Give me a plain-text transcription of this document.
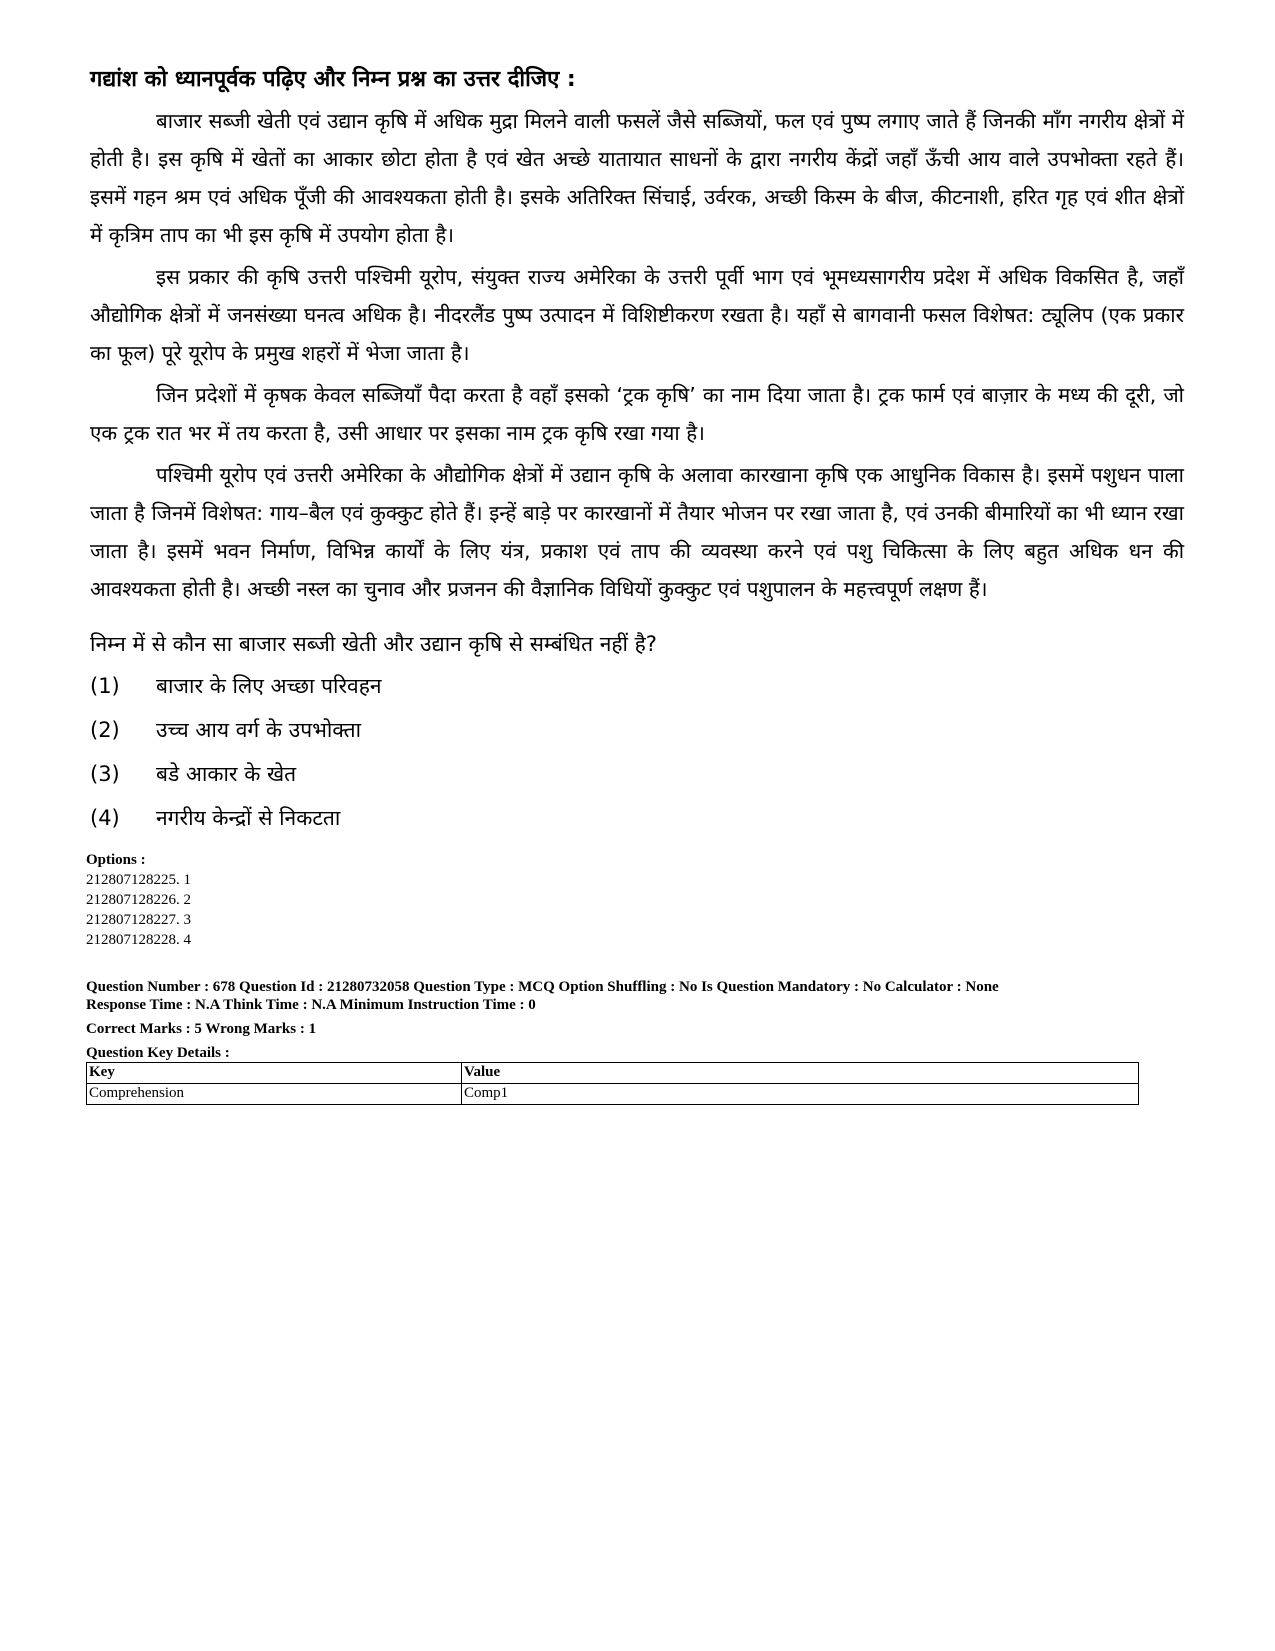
गद्यांश को ध्यानपूर्वक पढ़िए और निम्न प्रश्न का उत्तर दीजिए :

बाजार सब्जी खेती एवं उद्यान कृषि में अधिक मुद्रा मिलने वाली फसलें जैसे सब्जियों, फल एवं पुष्प लगाए जाते हैं जिनकी माँग नगरीय क्षेत्रों में होती है। इस कृषि में खेतों का आकार छोटा होता है एवं खेत अच्छे यातायात साधनों के द्वारा नगरीय केंद्रों जहाँ ऊँची आय वाले उपभोक्ता रहते हैं। इसमें गहन श्रम एवं अधिक पूँजी की आवश्यकता होती है। इसके अतिरिक्त सिंचाई, उर्वरक, अच्छी किस्म के बीज, कीटनाशी, हरित गृह एवं शीत क्षेत्रों में कृत्रिम ताप का भी इस कृषि में उपयोग होता है।

इस प्रकार की कृषि उत्तरी पश्चिमी यूरोप, संयुक्त राज्य अमेरिका के उत्तरी पूर्वी भाग एवं भूमध्यसागरीय प्रदेश में अधिक विकसित है, जहाँ औद्योगिक क्षेत्रों में जनसंख्या घनत्व अधिक है। नीदरलैंड पुष्प उत्पादन में विशिष्टीकरण रखता है। यहाँ से बागवानी फसल विशेषत: ट्यूलिप (एक प्रकार का फूल) पूरे यूरोप के प्रमुख शहरों में भेजा जाता है।

जिन प्रदेशों में कृषक केवल सब्जियाँ पैदा करता है वहाँ इसको ‘ट्रक कृषि’ का नाम दिया जाता है। ट्रक फार्म एवं बाज़ार के मध्य की दूरी, जो एक ट्रक रात भर में तय करता है, उसी आधार पर इसका नाम ट्रक कृषि रखा गया है।

पश्चिमी यूरोप एवं उत्तरी अमेरिका के औद्योगिक क्षेत्रों में उद्यान कृषि के अलावा कारखाना कृषि एक आधुनिक विकास है। इसमें पशुधन पाला जाता है जिनमें विशेषत: गाय–बैल एवं कुक्कुट होते हैं। इन्हें बाड़े पर कारखानों में तैयार भोजन पर रखा जाता है, एवं उनकी बीमारियों का भी ध्यान रखा जाता है। इसमें भवन निर्माण, विभिन्न कार्यों के लिए यंत्र, प्रकाश एवं ताप की व्यवस्था करने एवं पशु चिकित्सा के लिए बहुत अधिक धन की आवश्यकता होती है। अच्छी नस्ल का चुनाव और प्रजनन की वैज्ञानिक विधियों कुक्कुट एवं पशुपालन के महत्त्वपूर्ण लक्षण हैं।

निम्न में से कौन सा बाजार सब्जी खेती और उद्यान कृषि से सम्बंधित नहीं है?
(1)	बाजार के लिए अच्छा परिवहन
(2)	उच्च आय वर्ग के उपभोक्ता
(3)	बडे आकार के खेत
(4)	नगरीय केन्द्रों से निकटता
Options :
212807128225. 1
212807128226. 2
212807128227. 3
212807128228. 4
Question Number : 678 Question Id : 21280732058 Question Type : MCQ Option Shuffling : No Is Question Mandatory : No Calculator : None
Response Time : N.A Think Time : N.A Minimum Instruction Time : 0
Correct Marks : 5 Wrong Marks : 1
Question Key Details :
Key	Value
Comprehension	Comp1
